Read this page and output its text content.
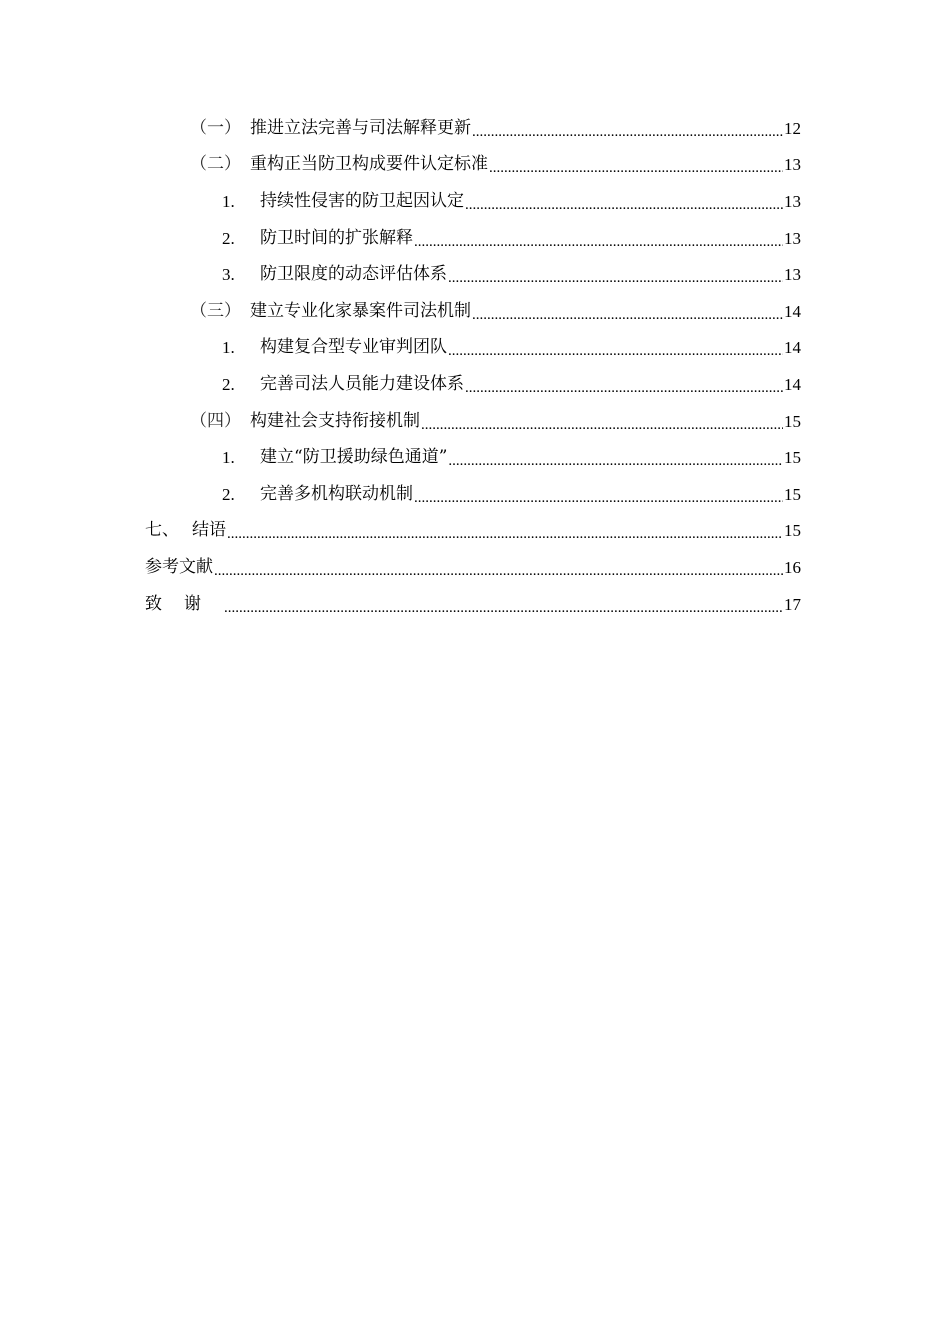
（一） 推进立法完善与司法解释更新 .....	12
（二） 重构正当防卫构成要件认定标准 .....	13
1.	持续性侵害的防卫起因认定 .....	13
2.	防卫时间的扩张解释 .....	13
3.	防卫限度的动态评估体系 .....	13
（三） 建立专业化家暴案件司法机制 .....	14
1.	构建复合型专业审判团队 .....	14
2.	完善司法人员能力建设体系 .....	14
（四） 构建社会支持衔接机制 .....	15
1.	建立“防卫援助绿色通道” .....	15
2.	完善多机构联动机制 .....	15
七、 结语 .....	15
参考文献 .....	16
致谢 .....	17
